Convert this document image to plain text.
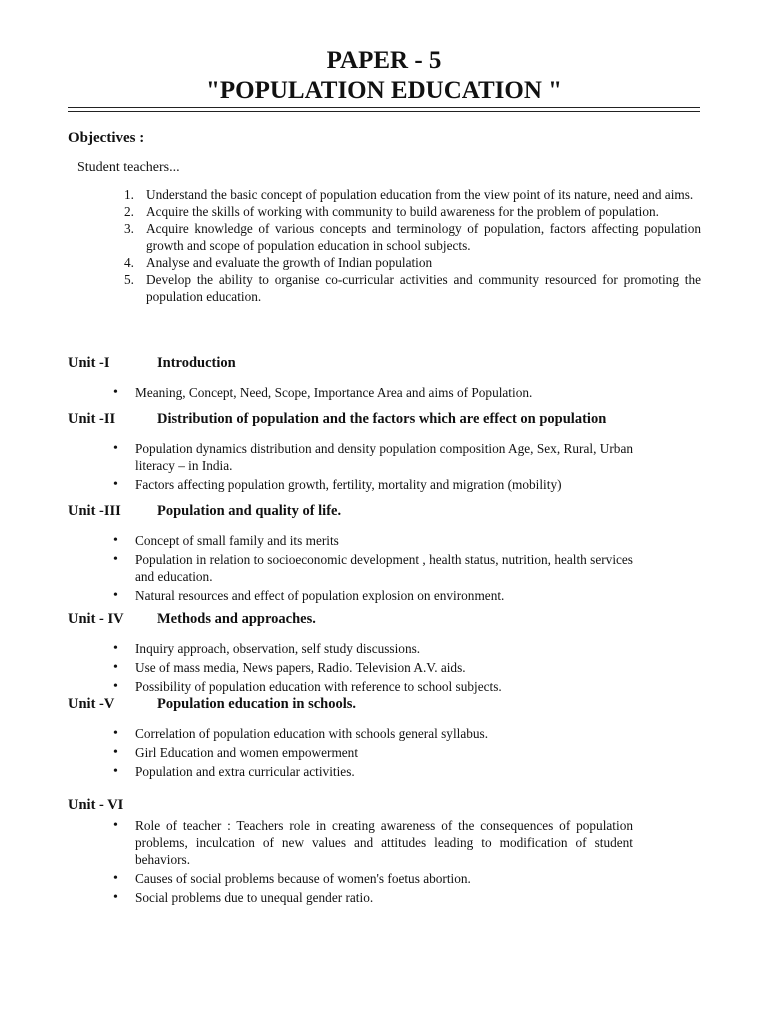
PAPER - 5
"POPULATION EDUCATION "
Objectives :
Student teachers...
1. Understand the basic concept of population education from the view point of its nature, need and aims.
2. Acquire the skills of working with community to build awareness for the problem of population.
3. Acquire knowledge of various concepts and terminology of population, factors affecting population growth and scope of population education in school subjects.
4. Analyse and evaluate the growth of Indian population
5. Develop the ability to organise co-curricular activities and community resourced for promoting the population education.
Unit -I	Introduction
• Meaning, Concept, Need, Scope, Importance Area and aims of Population.
Unit -II	Distribution of population and the factors which are effect on population
• Population dynamics distribution and density population composition Age, Sex, Rural, Urban literacy – in India.
• Factors affecting population growth, fertility, mortality and migration (mobility)
Unit -III Population and quality of life.
• Concept of small family and its merits
• Population in relation to socioeconomic development , health status, nutrition, health services and education.
• Natural resources and effect of population explosion on environment.
Unit - IV Methods and approaches.
• Inquiry approach, observation, self study discussions.
• Use of mass media, News papers, Radio. Television A.V. aids.
• Possibility of population education with reference to school subjects.
Unit -V	Population education in schools.
• Correlation of population education with schools general syllabus.
• Girl Education and women empowerment
• Population and extra curricular activities.
Unit - VI
• Role of teacher : Teachers role in creating awareness of the consequences of population problems, inculcation of new values and attitudes leading to modification of student behaviors.
• Causes of social problems because of women's foetus abortion.
• Social problems due to unequal gender ratio.
